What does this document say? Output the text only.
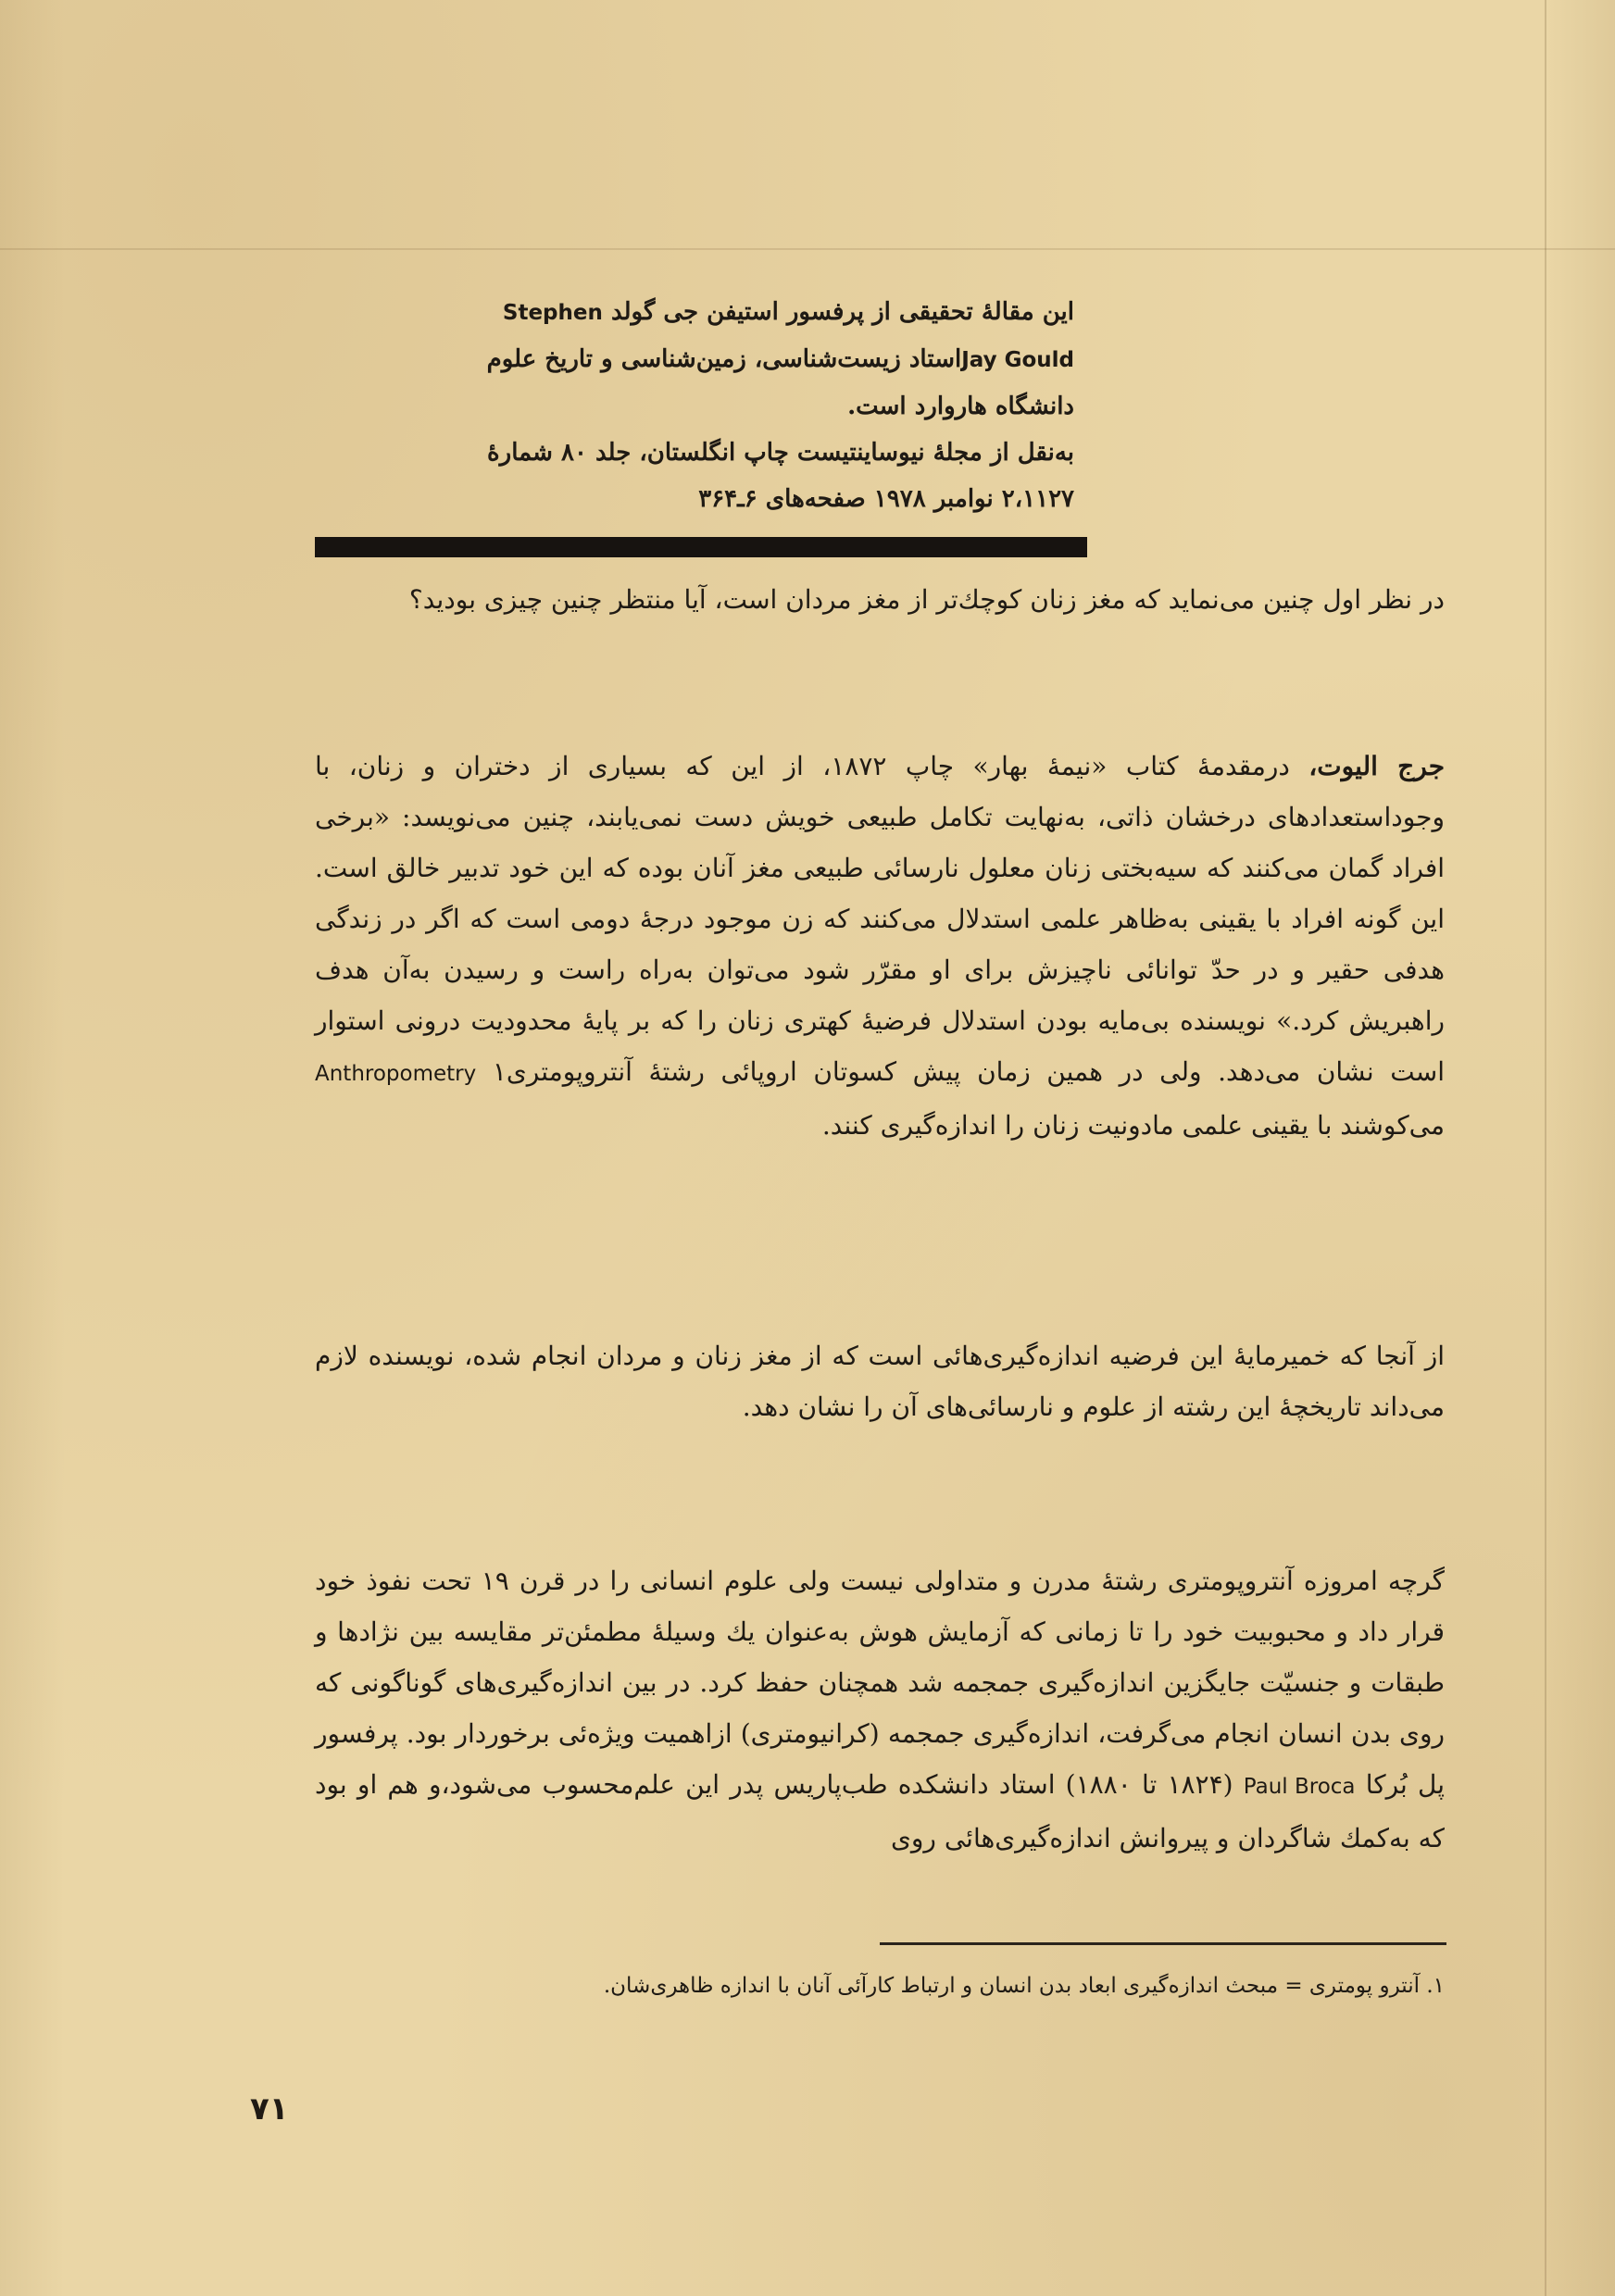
این مقالهٔ تحقیقی از پرفسور استیفن جی گولد Stephen
Jay Gouldاستاد زیست‌شناسی، زمین‌شناسی و تاریخ علوم
دانشگاه هاروارد است.
به‌نقل از مجلهٔ نیوساینتیست چاپ انگلستان، جلد ۸۰ شمارهٔ
۲،۱۱۲۷ نوامبر ۱۹۷۸ صفحه‌های ۶ـ۳۶۴

در نظر اول چنین می‌نماید که مغز زنان کوچك‌تر از مغز مردان است، آیا منتظر چنین چیزی بودید؟

جرج الیوت، درمقدمهٔ کتاب «نیمهٔ بهار» چاپ ۱۸۷۲، از این که بسیاری از دختران و زنان، با وجوداستعدادهای درخشان ذاتی، به‌نهایت تکامل طبیعی خویش دست نمی‌یابند، چنین می‌نویسد: «برخی افراد گمان می‌کنند که سیه‌بختی زنان معلول نارسائی طبیعی مغز آنان بوده که این خود تدبیر خالق است. این گونه افراد با یقینی به‌ظاهر علمی استدلال می‌کنند که زن موجود درجهٔ دومی است که اگر در زندگی هدفی حقیر و در حدّ توانائی ناچیزش برای او مقرّر شود می‌توان به‌راه راست و رسیدن به‌آن هدف راهبریش کرد.» نویسنده بی‌مایه بودن استدلال فرضیهٔ کهتری زنان را که بر پایهٔ محدودیت درونی استوار است نشان می‌دهد. ولی در همین زمان پیش کسوتان اروپائی رشتهٔ آنتروپومتری۱ Anthropometry می‌کوشند با یقینی علمی مادونیت زنان را اندازه‌گیری کنند.

از آنجا که خمیرمایهٔ این فرضیه اندازه‌گیری‌هائی است که از مغز زنان و مردان انجام شده، نویسنده لازم می‌داند تاریخچهٔ این رشته از علوم و نارسائی‌های آن را نشان دهد.

گرچه امروزه آنتروپومتری رشتهٔ مدرن و متداولی نیست ولی علوم انسانی را در قرن ۱۹ تحت نفوذ خود قرار داد و محبوبیت خود را تا زمانی که آزمایش هوش به‌عنوان یك وسیلهٔ مطمئن‌تر مقایسه بین نژادها و طبقات و جنسیّت جایگزین اندازه‌گیری جمجمه شد همچنان حفظ کرد. در بین اندازه‌گیری‌های گوناگونی که روی بدن انسان انجام می‌گرفت، اندازه‌گیری جمجمه (کرانیومتری) ازاهمیت ویژه‌ئی برخوردار بود. پرفسور پل بُرکا Paul Broca (۱۸۲۴ تا ۱۸۸۰) استاد دانشکده طب‌پاریس پدر این علم‌محسوب می‌شود،و هم او بود که به‌کمك شاگردان و پیروانش اندازه‌گیری‌هائی روی

۱. آنترو پومتری = مبحث اندازه‌گیری ابعاد بدن انسان و ارتباط کارآئی آنان با اندازه ظاهری‌شان.
۷۱
